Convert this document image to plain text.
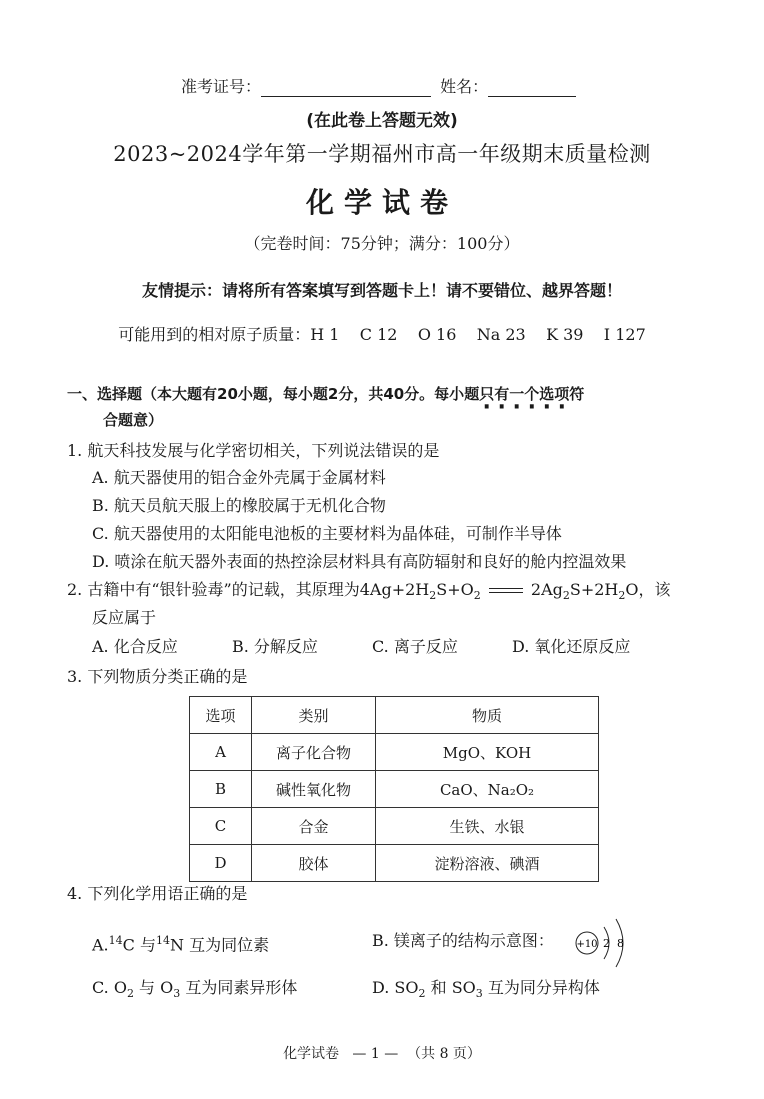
准考证号：	姓名：
(在此卷上答题无效)
2023~2024学年第一学期福州市高一年级期末质量检测
化学试卷
（完卷时间：75分钟；满分：100分）
友情提示：请将所有答案填写到答题卡上！请不要错位、越界答题！
可能用到的相对原子质量：H 1    C 12    O 16    Na 23    K 39    I 127
一、选择题（本大题有20小题，每小题2分，共40分。每小题只有一个选项符
合题意）
1. 航天科技发展与化学密切相关，下列说法错误的是
A. 航天器使用的铝合金外壳属于金属材料
B. 航天员航天服上的橡胶属于无机化合物
C. 航天器使用的太阳能电池板的主要材料为晶体硅，可制作半导体
D. 喷涂在航天器外表面的热控涂层材料具有高防辐射和良好的舱内控温效果
2. 古籍中有“银针验毒”的记载，其原理为$4Ag+2H_2S+O_2$	$2Ag_2S+2H_2O$，该
反应属于
A. 化合反应	B. 分解反应	C. 离子反应	D. 氧化还原反应
3. 下列物质分类正确的是
选项	类别	物质
A	离子化合物	MgO、KOH
B	碱性氧化物	CaO、Na₂O₂
C	合金	生铁、水银
D	胶体	淀粉溶液、碘酒
4. 下列化学用语正确的是
A.$^{14}$C 与$^{14}$N 互为同位素	B. 镁离子的结构示意图： +10 2 8
C. $O_2$ 与 $O_3$ 互为同素异形体	D. $SO_2$ 和 $SO_3$ 互为同分异构体
化学试卷   — 1 —  （共 8 页）
